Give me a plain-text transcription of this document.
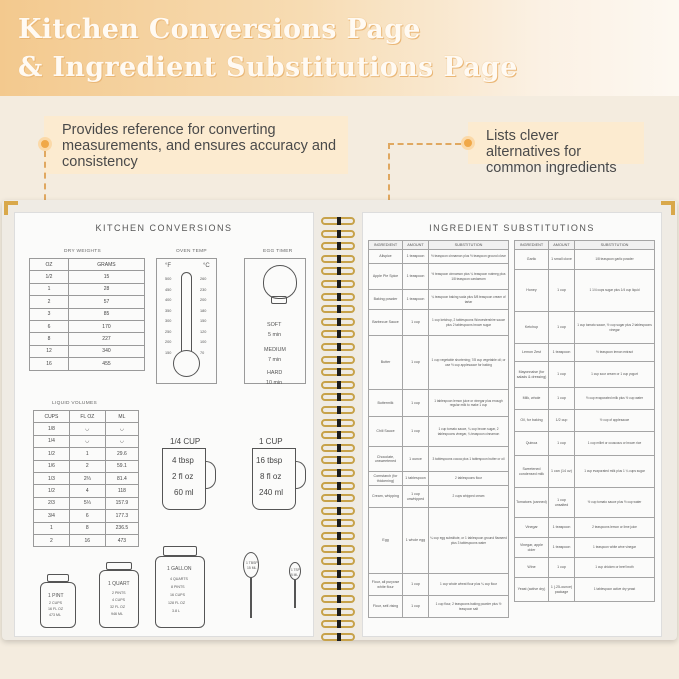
Kitchen Conversions Page
& Ingredient Substitutions Page
Provides reference for converting measurements, and ensures accuracy and consistency
Lists clever alternatives for common ingredients
KITCHEN CONVERSIONS
DRY WEIGHTS
OZ	GRAMS
1/2	15
1	28
2	57
3	85
6	170
8	227
12	340
16	455
OVEN TEMP
°F	°C
500	260
450	230
400	200
350	180
300	150
250	120
200	100
150	70
EGG TIMER
SOFT
5 min
MEDIUM
7 min
HARD
10 min
LIQUID VOLUMES
CUPS	FL OZ	ML
1/8	◡	◡
1/4	◡	◡
1/2	1	29.6
1/6	2	59.1
1/3	2⅔	81.4
1/2	4	118
2/3	5⅓	157.9
3/4	6	177.3
1	8	236.5
2	16	473
1/4 CUP
4 tbsp
2 fl oz
60 ml
1 CUP
16 tbsp
8 fl oz
240 ml
1 PINT
2 CUPS
16 FL OZ
473 ML
1 QUART
2 PINTS
4 CUPS
32 FL OZ
946 ML
1 GALLON
4 QUARTS
8 PINTS
16 CUPS
128 FL OZ
3.8 L
1 TBSP
15 ML	1 TSP
5 ML
INGREDIENT SUBSTITUTIONS
INGREDIENT	AMOUNT	SUBSTITUTION
Allspice	1 teaspoon	½ teaspoon cinnamon plus ½ teaspoon ground clove
Apple Pie Spice	1 teaspoon	½ teaspoon cinnamon plus ¼ teaspoon nutmeg plus 1/8 teaspoon cardamom
Baking powder	1 teaspoon	¼ teaspoon baking soda plus 5/8 teaspoon cream of tartar
Barbecue Sauce	1 cup	1 cup ketchup, 2 tablespoons Worcestershire sauce plus 2 tablespoons brown sugar
Butter	1 cup	1 cup vegetable shortening; 7/8 cup vegetable oil; or use ½ cup applesauce for baking
Buttermilk	1 cup	1 tablespoon lemon juice or vinegar plus enough regular milk to make 1 cup
Chili Sauce	1 cup	1 cup tomato sauce, ¼ cup brown sugar, 2 tablespoons vinegar, ¼ teaspoon cinnamon
Chocolate, unsweetened	1 ounce	3 tablespoons cocoa plus 1 tablespoon butter or oil
Cornstarch (for thickening)	1 tablespoon	2 tablespoons flour
Cream, whipping	1 cup unwhipped	2 cups whipped cream
Egg	1 whole egg	¼ cup egg substitute, or 1 tablespoon ground flaxseed plus 3 tablespoons water
Flour, all purpose white flour	1 cup	1 cup whole wheat flour plus ¼ cup flour
Flour, self-rising	1 cup	1 cup flour, 2 teaspoons baking powder plus ½ teaspoon salt
INGREDIENT	AMOUNT	SUBSTITUTION
Garlic	1 small clove	1/8 teaspoon garlic powder
Honey	1 cup	1 1/4 cups sugar plus 1/4 cup liquid
Ketchup	1 cup	1 cup tomato sauce, ½ cup sugar plus 2 tablespoons vinegar
Lemon Zest	1 teaspoon	½ teaspoon lemon extract
Mayonnaise (for salads & dressing)	1 cup	1 cup sour cream or 1 cup yogurt
Milk, whole	1 cup	½ cup evaporated milk plus ½ cup water
Oil, for baking	1/2 cup	½ cup of applesauce
Quinoa	1 cup	1 cup millet or couscous or brown rice
Sweetened condensed milk	1 can (14 oz)	1 cup evaporated milk plus 1 ¼ cups sugar
Tomatoes (canned)	1 cup unsalted	½ cup tomato sauce plus ½ cup water
Vinegar	1 teaspoon	2 teaspoons lemon or lime juice
Vinegar, apple cider	1 teaspoon	1 teaspoon white wine vinegar
Wine	1 cup	1 cup chicken or beef broth
Yeast (active dry)	1 (.25-ounce) package	1 tablespoon active dry yeast
